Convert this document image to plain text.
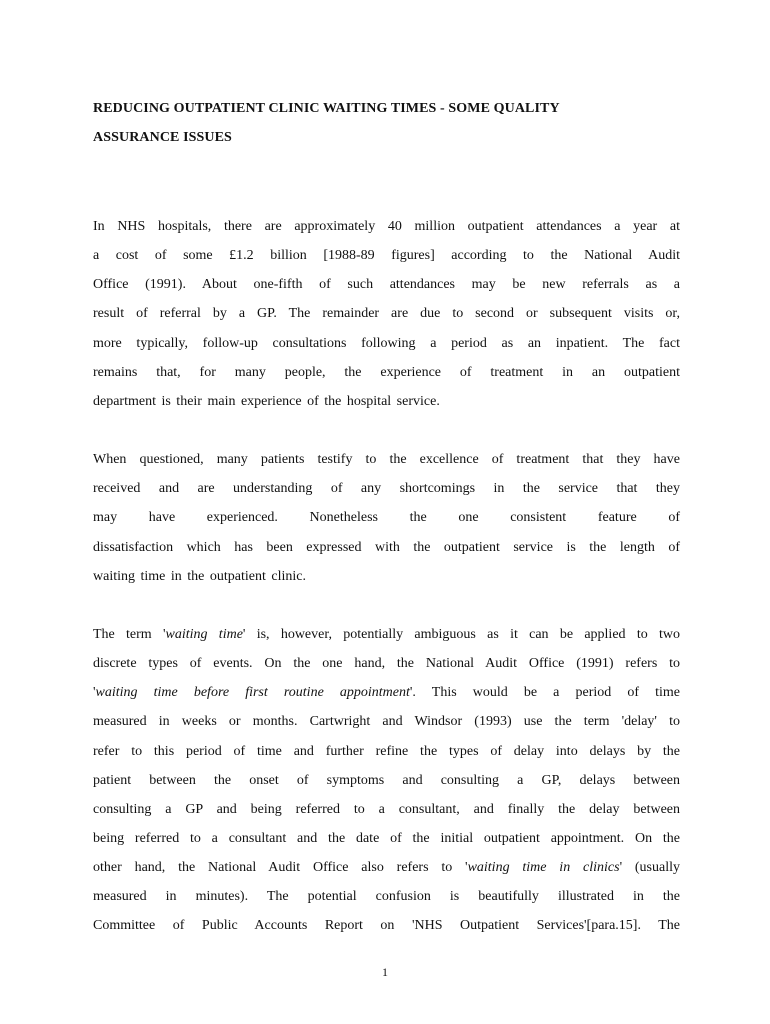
REDUCING OUTPATIENT CLINIC WAITING TIMES - SOME QUALITY
ASSURANCE ISSUES
In NHS hospitals, there are approximately 40 million outpatient attendances a year at
a cost of some £1.2 billion [1988-89 figures] according to the National Audit
Office (1991). About one-fifth of such attendances may be new referrals as a
result of referral by a GP. The remainder are due to second or subsequent visits or,
more typically, follow-up consultations following a period as an inpatient. The fact
remains that, for many people, the experience of treatment in an outpatient
department is their main experience of the hospital service.
When questioned, many patients testify to the excellence of treatment that they have
received and are understanding of any shortcomings in the service that they
may have experienced. Nonetheless the one consistent feature of
dissatisfaction which has been expressed with the outpatient service is the length of
waiting time in the outpatient clinic.
The term 'waiting time' is, however, potentially ambiguous as it can be applied to two
discrete types of events. On the one hand, the National Audit Office (1991) refers to
'waiting time before first routine appointment'. This would be a period of time
measured in weeks or months. Cartwright and Windsor (1993) use the term 'delay' to
refer to this period of time and further refine the types of delay into delays by the
patient between the onset of symptoms and consulting a GP, delays between
consulting a GP and being referred to a consultant, and finally the delay between
being referred to a consultant and the date of the initial outpatient appointment. On the
other hand, the National Audit Office also refers to 'waiting time in clinics' (usually
measured in minutes). The potential confusion is beautifully illustrated in the
Committee of Public Accounts Report on 'NHS Outpatient Services'[para.15]. The
1
